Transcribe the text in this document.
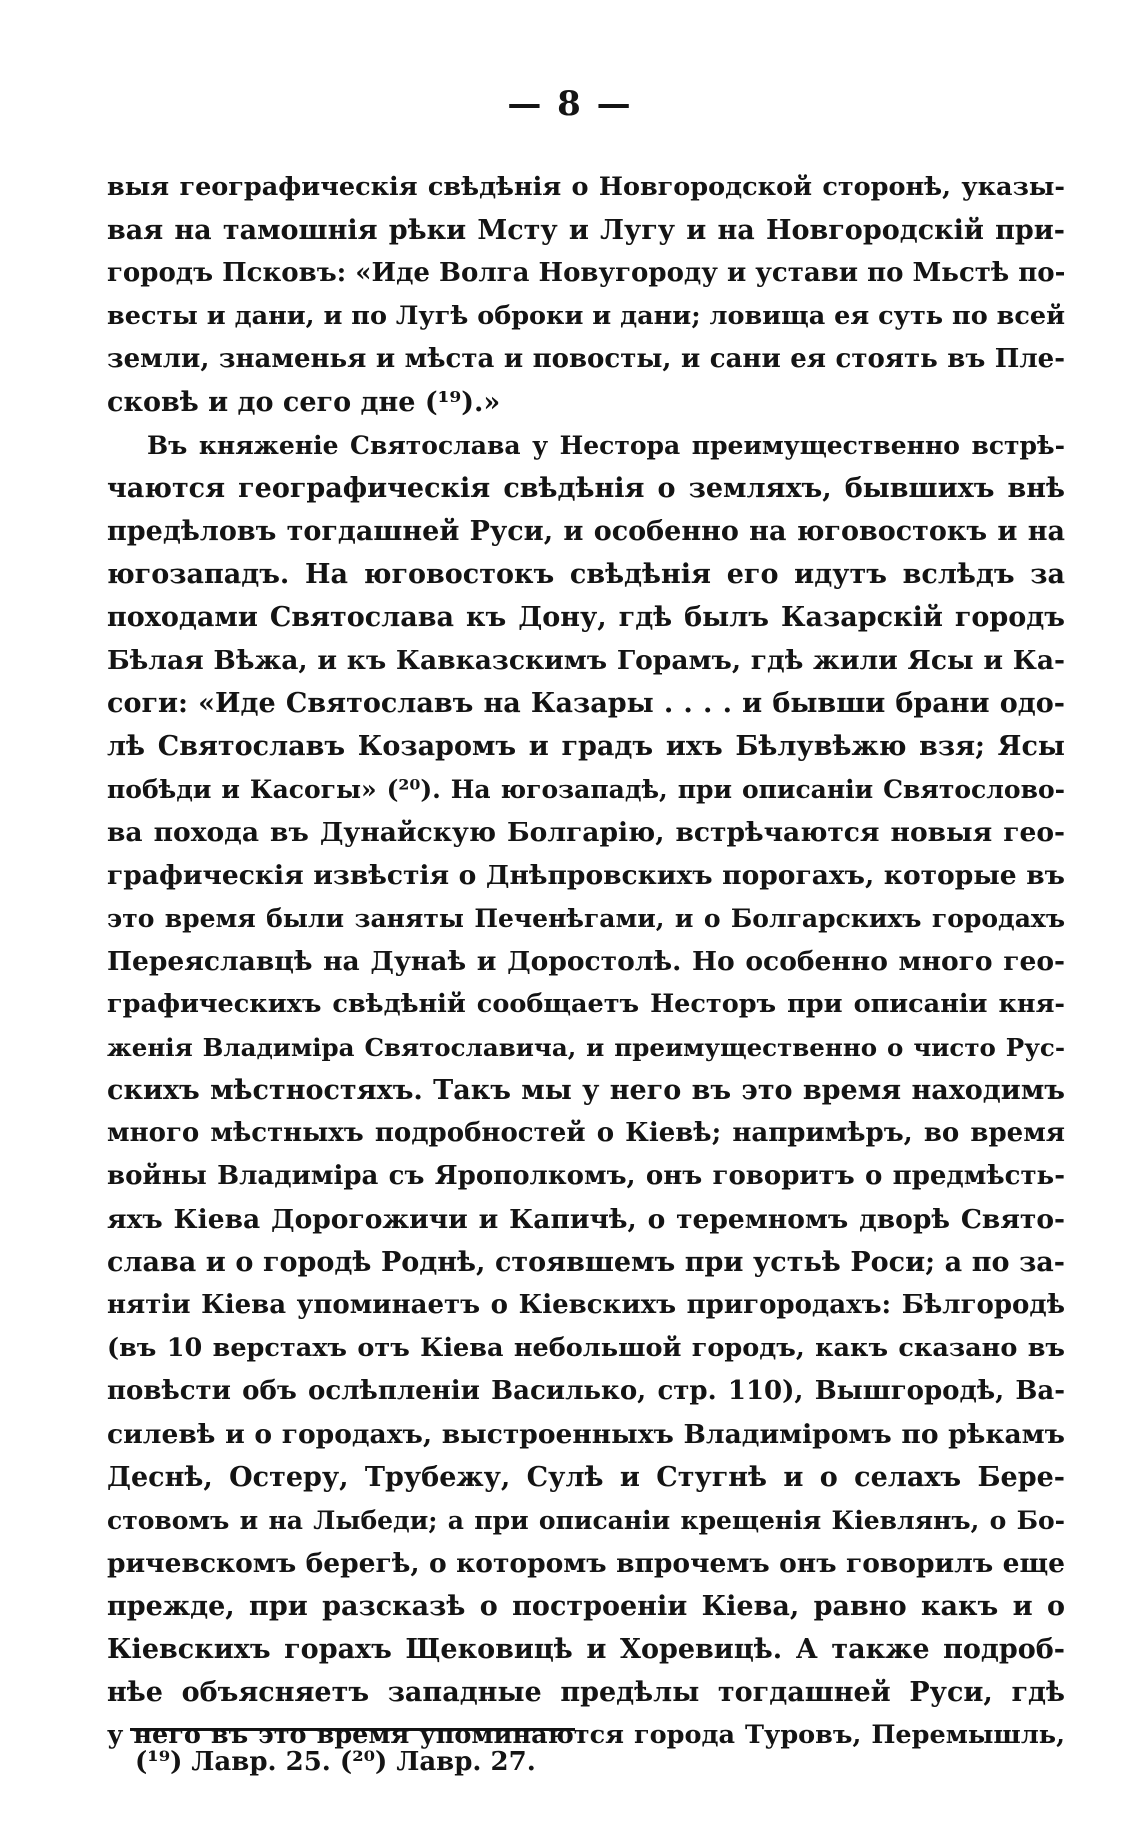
— 8 —
выя географическія свѣдѣнія о Новгородской сторонѣ, указы-
вая на тамошнія рѣки Мсту и Лугу и на Новгородскій при-
городъ Псковъ: «Иде Волга Новугороду и устави по Мьстѣ по-
весты и дани, и по Лугѣ оброки и дани; ловища ея суть по всей
земли, знаменья и мѣста и повосты, и сани ея стоять въ Пле-
сковѣ и до сего дне (¹⁹).»
Въ княженіе Святослава у Нестора преимущественно встрѣ-
чаются географическія свѣдѣнія о земляхъ, бывшихъ внѣ
предѣловъ тогдашней Руси, и особенно на юговостокъ и на
югозападъ. На юговостокъ свѣдѣнія его идутъ вслѣдъ за
походами Святослава къ Дону, гдѣ былъ Казарскій городъ
Бѣлая Вѣжа, и къ Кавказскимъ Горамъ, гдѣ жили Ясы и Ка-
соги: «Иде Святославъ на Казары . . . . и бывши брани одо-
лѣ Святославъ Козаромъ и градъ ихъ Бѣлувѣжю взя; Ясы
побѣди и Касогы» (²⁰). На югозападѣ, при описаніи Святослово-
ва похода въ Дунайскую Болгарію, встрѣчаются новыя гео-
графическія извѣстія о Днѣпровскихъ порогахъ, которые въ
это время были заняты Печенѣгами, и о Болгарскихъ городахъ
Переяславцѣ на Дунаѣ и Доростолѣ. Но особенно много гео-
графическихъ свѣдѣній сообщаетъ Несторъ при описаніи кня-
женія Владиміра Святославича, и преимущественно о чисто Рус-
скихъ мѣстностяхъ. Такъ мы у него въ это время находимъ
много мѣстныхъ подробностей о Кіевѣ; напримѣръ, во время
войны Владиміра съ Ярополкомъ, онъ говоритъ о предмѣсть-
яхъ Кіева Дорогожичи и Капичѣ, о теремномъ дворѣ Свято-
слава и о городѣ Роднѣ, стоявшемъ при устьѣ Роси; а по за-
нятіи Кіева упоминаетъ о Кіевскихъ пригородахъ: Бѣлгородѣ
(въ 10 верстахъ отъ Кіева небольшой городъ, какъ сказано въ
повѣсти объ ослѣпленіи Василько, стр. 110), Вышгородѣ, Ва-
силевѣ и о городахъ, выстроенныхъ Владиміромъ по рѣкамъ
Деснѣ, Остеру, Трубежу, Сулѣ и Стугнѣ и о селахъ Бере-
стовомъ и на Лыбеди; а при описаніи крещенія Кіевлянъ, о Бо-
ричевскомъ берегѣ, о которомъ впрочемъ онъ говорилъ еще
прежде, при разсказѣ о построеніи Кіева, равно какъ и о
Кіевскихъ горахъ Щековицѣ и Хоревицѣ. А также подроб-
нѣе объясняетъ западные предѣлы тогдашней Руси, гдѣ
у него въ это время упоминаются города Туровъ, Перемышль,
(¹⁹) Лавр. 25. (²⁰) Лавр. 27.
